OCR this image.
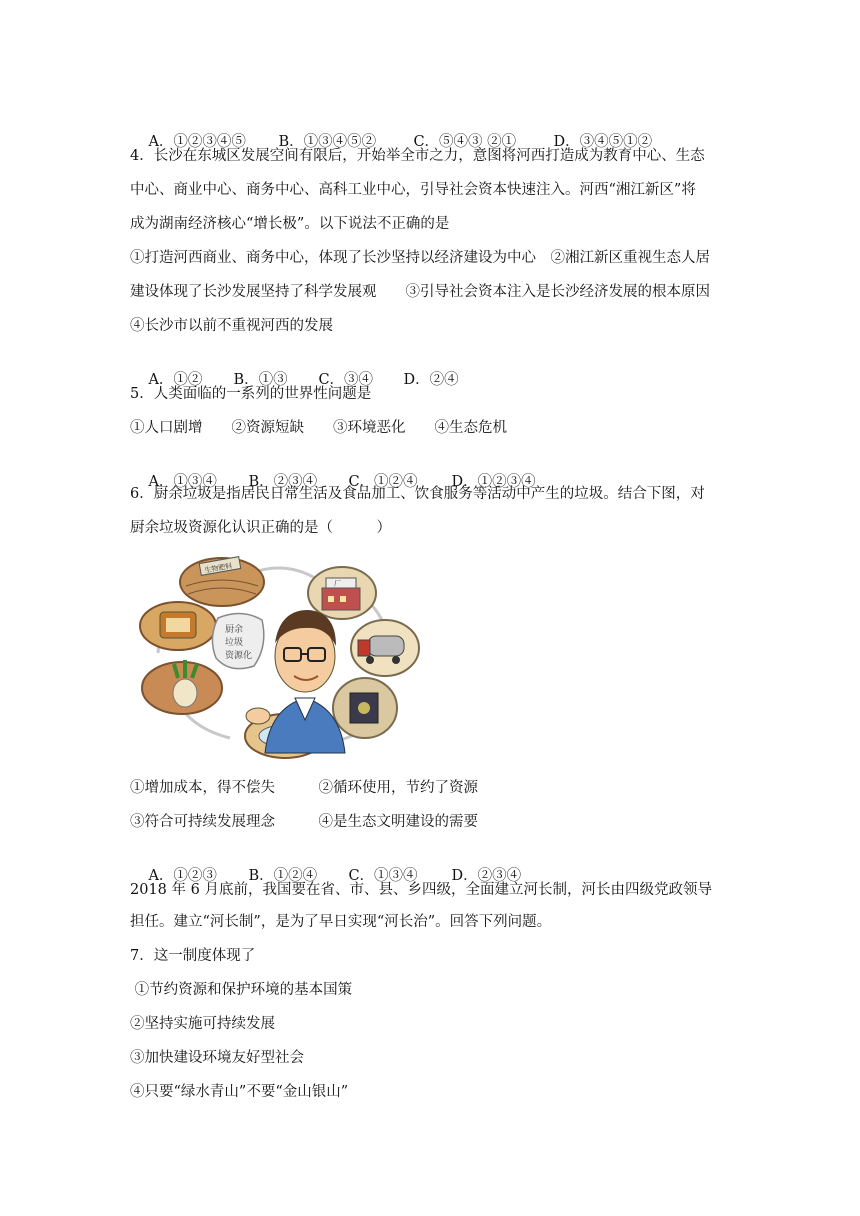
A．①②③④⑤ B．①③④⑤②	C．⑤④③ ②①	D．③④⑤①②

4．长沙在东城区发展空间有限后，开始举全市之力，意图将河西打造成为教育中心、生态
中心、商业中心、商务中心、高科工业中心，引导社会资本快速注入。河西“湘江新区”将
成为湖南经济核心“增长极”。以下说法不正确的是
①打造河西商业、商务中心，体现了长沙坚持以经济建设为中心　②湘江新区重视生态人居
建设体现了长沙发展坚持了科学发展观　　③引导社会资本注入是长沙经济发展的根本原因
④长沙市以前不重视河西的发展

A．①② B．①③ C．③④ D．②④

5．人类面临的一系列的世界性问题是
①人口剧增　　②资源短缺　　③环境恶化　　④生态危机

A．①③④ B．②③④ C．①②④ D．①②③④

6．厨余垃圾是指居民日常生活及食品加工、饮食服务等活动中产生的垃圾。结合下图，对
厨余垃圾资源化认识正确的是（　　　）
生物肥料
厂
厨余 垃圾 资源化
①增加成本，得不偿失　　　②循环使用，节约了资源
③符合可持续发展理念　　　④是生态文明建设的需要

A．①②③ B．①②④ C．①③④ D．②③④

2018 年 6 月底前，我国要在省、市、县、乡四级，全面建立河长制，河长由四级党政领导
担任。建立“河长制”，是为了早日实现“河长治”。回答下列问题。
7．这一制度体现了
①节约资源和保护环境的基本国策
②坚持实施可持续发展
③加快建设环境友好型社会
④只要“绿水青山”不要“金山银山”
